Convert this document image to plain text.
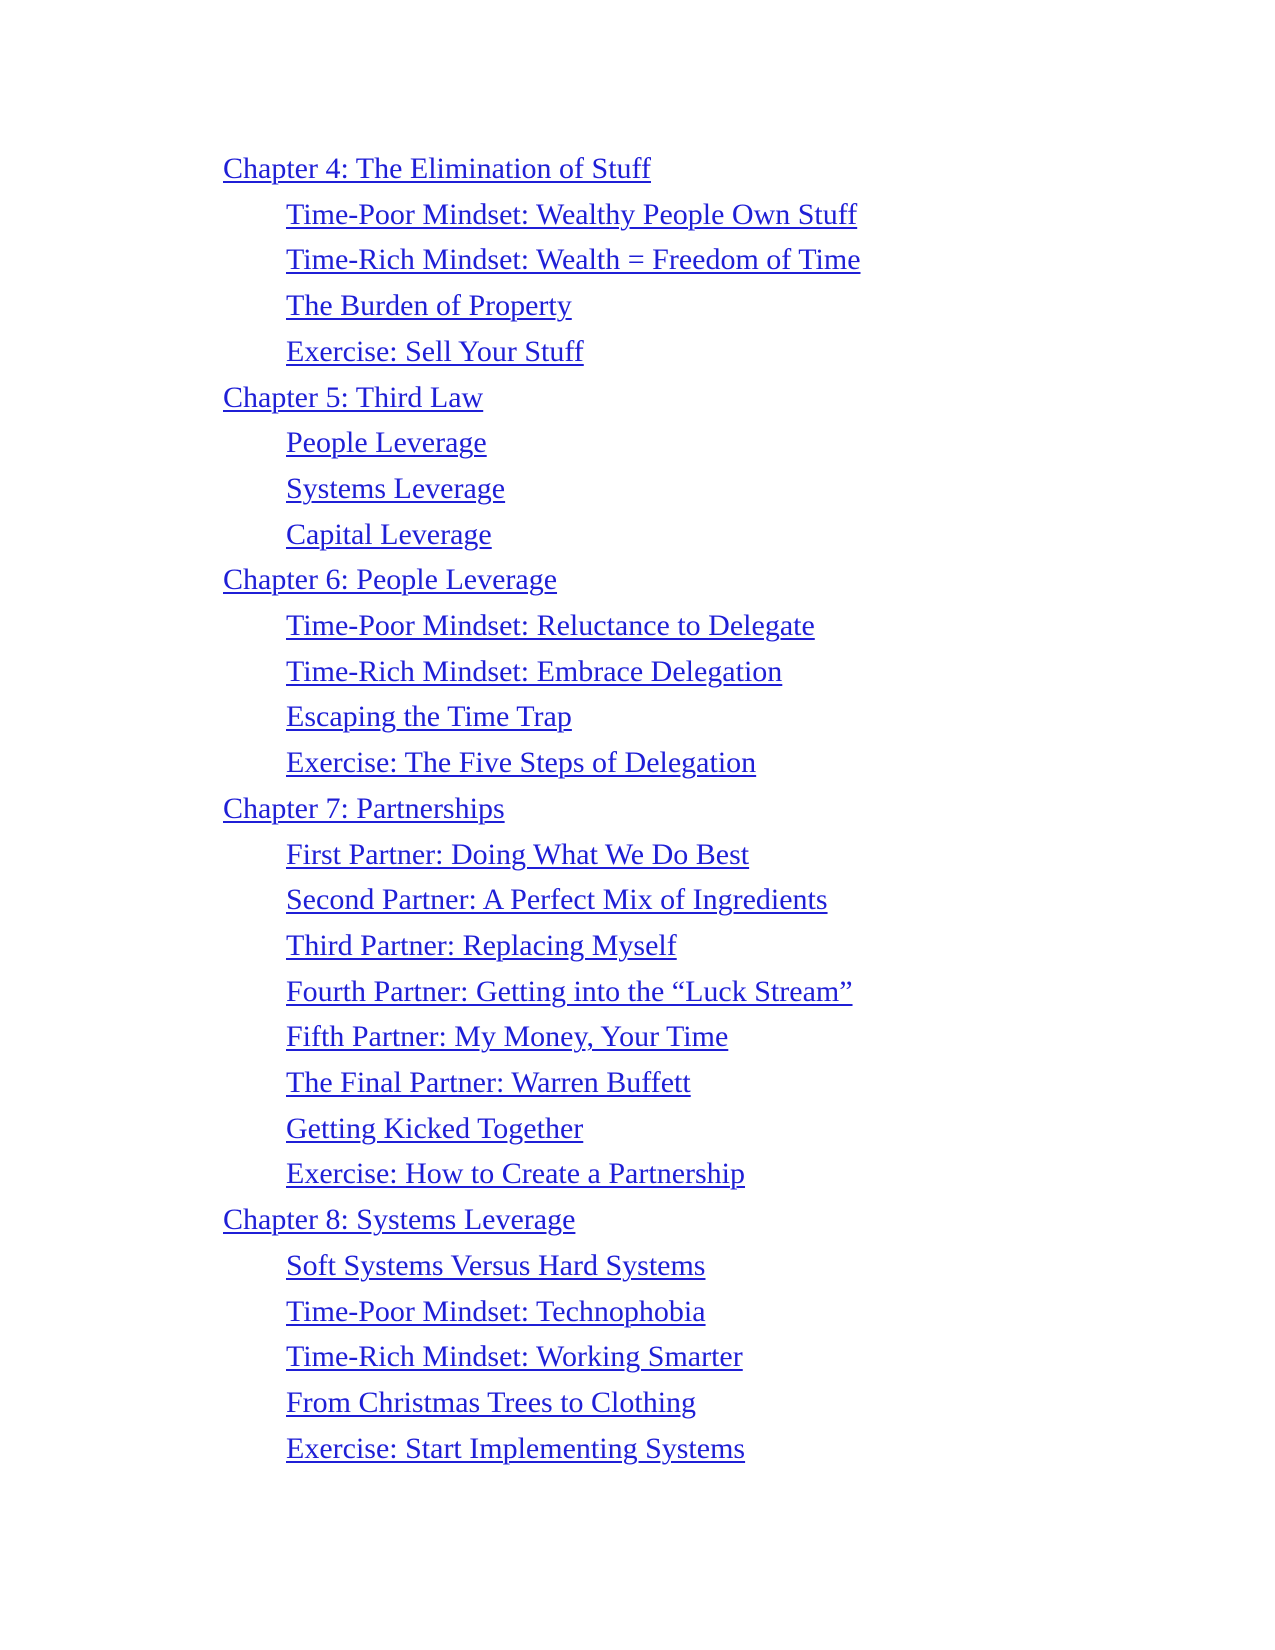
Chapter 4: The Elimination of Stuff
Time-Poor Mindset: Wealthy People Own Stuff
Time-Rich Mindset: Wealth = Freedom of Time
The Burden of Property
Exercise: Sell Your Stuff
Chapter 5: Third Law
People Leverage
Systems Leverage
Capital Leverage
Chapter 6: People Leverage
Time-Poor Mindset: Reluctance to Delegate
Time-Rich Mindset: Embrace Delegation
Escaping the Time Trap
Exercise: The Five Steps of Delegation
Chapter 7: Partnerships
First Partner: Doing What We Do Best
Second Partner: A Perfect Mix of Ingredients
Third Partner: Replacing Myself
Fourth Partner: Getting into the “Luck Stream”
Fifth Partner: My Money, Your Time
The Final Partner: Warren Buffett
Getting Kicked Together
Exercise: How to Create a Partnership
Chapter 8: Systems Leverage
Soft Systems Versus Hard Systems
Time-Poor Mindset: Technophobia
Time-Rich Mindset: Working Smarter
From Christmas Trees to Clothing
Exercise: Start Implementing Systems
